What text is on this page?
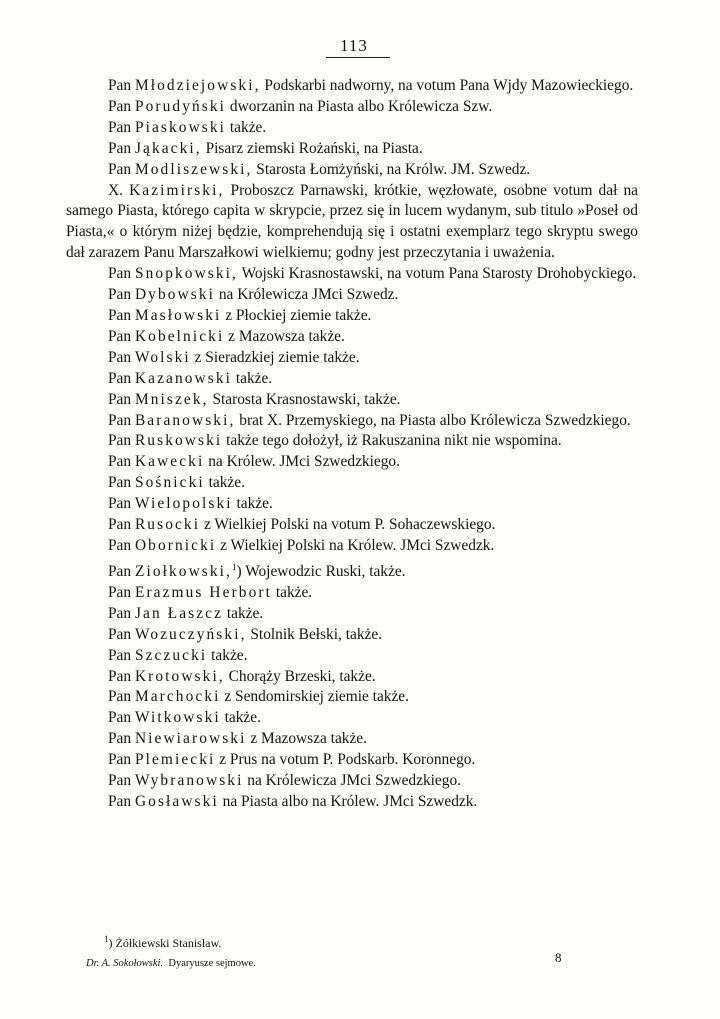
113

Pan Młodziejowski, Podskarbi nadworny, na votum Pana Wjdy Mazowieckiego.

Pan Porudyński dworzanin na Piasta albo Królewicza Szw.

Pan Piaskowski także.

Pan Jąkacki, Pisarz ziemski Rożański, na Piasta.

Pan Modliszewski, Starosta Łomżyński, na Królw. JM. Szwedz.

X. Kazimirski, Proboszcz Parnawski, krótkie, węzłowate, osobne votum dał na samego Piasta, którego capita w skrypcie, przez się in lucem wydanym, sub titulo »Poseł od Piasta,« o którym niżej będzie, komprehendują się i ostatni exemplarz tego skryptu swego dał zarazem Panu Marszałkowi wielkiemu; godny jest przeczytania i uważenia.

Pan Snopkowski, Wojski Krasnostawski, na votum Pana Starosty Drohobyckiego.

Pan Dybowski na Królewicza JMci Szwedz.

Pan Masłowski z Płockiej ziemie także.

Pan Kobelnicki z Mazowsza także.

Pan Wolski z Sieradzkiej ziemie także.

Pan Kazanowski także.

Pan Mniszek, Starosta Krasnostawski, także.

Pan Baranowski, brat X. Przemyskiego, na Piasta albo Królewicza Szwedzkiego.

Pan Ruskowski także tego dołożył, iż Rakuszanina nikt nie wspomina.

Pan Kawecki na Królew. JMci Szwedzkiego.

Pan Sośnicki także.

Pan Wielopolski także.

Pan Rusocki z Wielkiej Polski na votum P. Sohaczewskiego.

Pan Obornicki z Wielkiej Polski na Królew. JMci Szwedzk.

Pan Ziołkowski,$^1$) Wojewodzic Ruski, także.

Pan Erazmus Herbort także.

Pan Jan Łaszcz także.

Pan Wozuczyński, Stolnik Bełski, także.

Pan Szczucki także.

Pan Krotowski, Chorąży Brzeski, także.

Pan Marchocki z Sendomirskiej ziemie także.

Pan Witkowski także.

Pan Niewiarowski z Mazowsza także.

Pan Plemiecki z Prus na votum P. Podskarb. Koronnego.

Pan Wybranowski na Królewicza JMci Szwedzkiego.

Pan Gosławski na Piasta albo na Królew. JMci Szwedzk.

$^1$) Żółkiewski Stanisław.
Dr. A. Sokołowski. Dyaryusze sejmowe.	8
